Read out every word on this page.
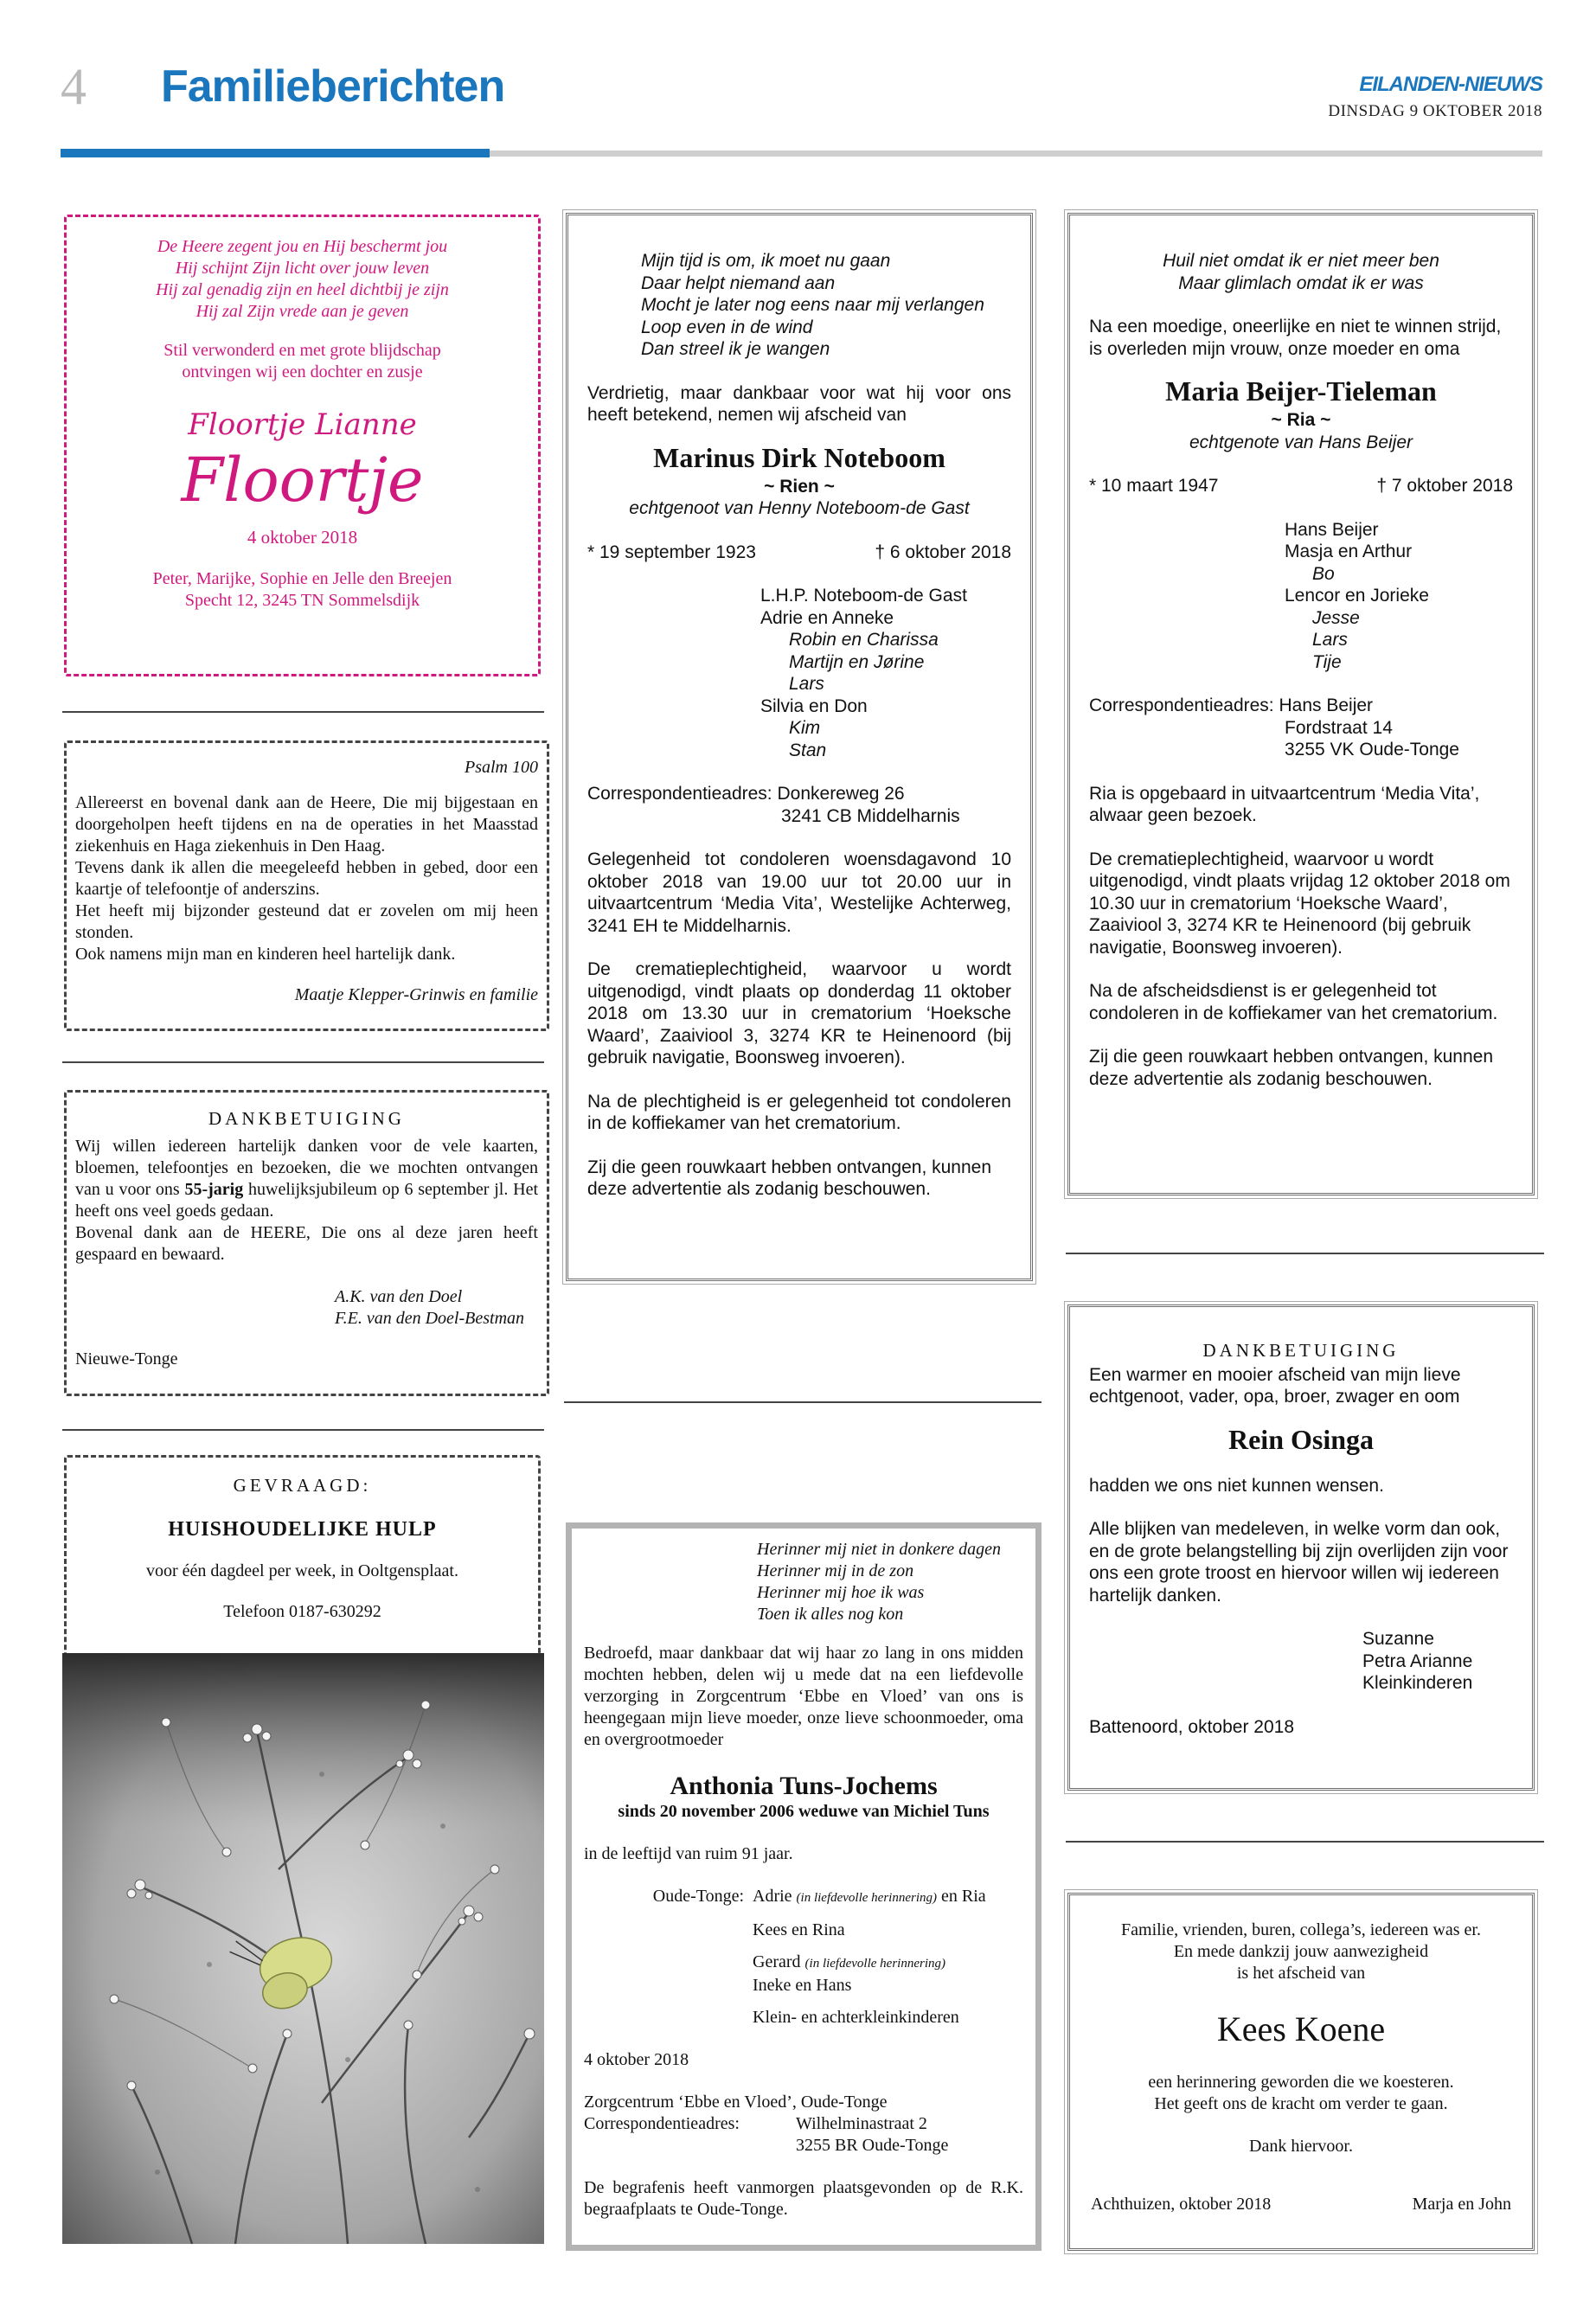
4 Familieberichten	EILANDEN-NIEUWS
DINSDAG 9 OKTOBER 2018
De Heere zegent jou en Hij beschermt jou
Hij schijnt Zijn licht over jouw leven
Hij zal genadig zijn en heel dichtbij je zijn
Hij zal Zijn vrede aan je geven
Stil verwonderd en met grote blijdschap
ontvingen wij een dochter en zusje
Floortje Lianne
Floortje
4 oktober 2018
Peter, Marijke, Sophie en Jelle den Breejen
Specht 12, 3245 TN Sommelsdijk
Psalm 100
Allereerst en bovenal dank aan de Heere, Die mij bijgestaan en doorgeholpen heeft tijdens en na de operaties in het Maasstad ziekenhuis en Haga ziekenhuis in Den Haag.
Tevens dank ik allen die meegeleefd hebben in gebed, door een kaartje of telefoontje of anderszins.
Het heeft mij bijzonder gesteund dat er zovelen om mij heen stonden.
Ook namens mijn man en kinderen heel hartelijk dank.
Maatje Klepper-Grinwis en familie
DANKBETUIGING
Wij willen iedereen hartelijk danken voor de vele kaarten, bloemen, telefoontjes en bezoeken, die we mochten ontvangen van u voor ons 55-jarig huwelijksjubileum op 6 september jl. Het heeft ons veel goeds gedaan.
Bovenal dank aan de HEERE, Die ons al deze jaren heeft gespaard en bewaard.
A.K. van den Doel
F.E. van den Doel-Bestman
Nieuwe-Tonge
GEVRAAGD:
HUISHOUDELIJKE HULP
voor één dagdeel per week, in Ooltgensplaat.
Telefoon 0187-630292
Mijn tijd is om, ik moet nu gaan
Daar helpt niemand aan
Mocht je later nog eens naar mij verlangen
Loop even in de wind
Dan streel ik je wangen
Verdrietig, maar dankbaar voor wat hij voor ons heeft betekend, nemen wij afscheid van
Marinus Dirk Noteboom
~ Rien ~
echtgenoot van Henny Noteboom-de Gast
* 19 september 1923	† 6 oktober 2018
L.H.P. Noteboom-de Gast
Adrie en Anneke
Robin en Charissa
Martijn en Jørine
Lars
Silvia en Don
Kim
Stan
Correspondentieadres: Donkereweg 26
3241 CB Middelharnis
Gelegenheid tot condoleren woensdagavond 10 oktober 2018 van 19.00 uur tot 20.00 uur in uitvaartcentrum ‘Media Vita’, Westelijke Achterweg, 3241 EH te Middelharnis.
De crematieplechtigheid, waarvoor u wordt uitgenodigd, vindt plaats op donderdag 11 oktober 2018 om 13.30 uur in crematorium ‘Hoeksche Waard’, Zaaiviool 3, 3274 KR te Heinenoord (bij gebruik navigatie, Boonsweg invoeren).
Na de plechtigheid is er gelegenheid tot condoleren in de koffiekamer van het crematorium.
Zij die geen rouwkaart hebben ontvangen, kunnen deze advertentie als zodanig beschouwen.
Herinner mij niet in donkere dagen
Herinner mij in de zon
Herinner mij hoe ik was
Toen ik alles nog kon
Bedroefd, maar dankbaar dat wij haar zo lang in ons midden mochten hebben, delen wij u mede dat na een liefdevolle verzorging in Zorgcentrum ‘Ebbe en Vloed’ van ons is heengegaan mijn lieve moeder, onze lieve schoonmoeder, oma en overgrootmoeder
Anthonia Tuns-Jochems
sinds 20 november 2006 weduwe van Michiel Tuns
in de leeftijd van ruim 91 jaar.
Oude-Tonge: Adrie (in liefdevolle herinnering) en Ria
Kees en Rina
Gerard (in liefdevolle herinnering)
Ineke en Hans
Klein- en achterkleinkinderen
4 oktober 2018
Zorgcentrum ‘Ebbe en Vloed’, Oude-Tonge
Correspondentieadres:	Wilhelminastraat 2
3255 BR Oude-Tonge
De begrafenis heeft vanmorgen plaatsgevonden op de R.K. begraafplaats te Oude-Tonge.
Huil niet omdat ik er niet meer ben
Maar glimlach omdat ik er was
Na een moedige, oneerlijke en niet te winnen strijd, is overleden mijn vrouw, onze moeder en oma
Maria Beijer-Tieleman
~ Ria ~
echtgenote van Hans Beijer
* 10 maart 1947	† 7 oktober 2018
Hans Beijer
Masja en Arthur
Bo
Lencor en Jorieke
Jesse
Lars
Tije
Correspondentieadres: Hans Beijer
Fordstraat 14
3255 VK Oude-Tonge
Ria is opgebaard in uitvaartcentrum ‘Media Vita’, alwaar geen bezoek.
De crematieplechtigheid, waarvoor u wordt uitgenodigd, vindt plaats vrijdag 12 oktober 2018 om 10.30 uur in crematorium ‘Hoeksche Waard’, Zaaiviool 3, 3274 KR te Heinenoord (bij gebruik navigatie, Boonsweg invoeren).
Na de afscheidsdienst is er gelegenheid tot condoleren in de koffiekamer van het crematorium.
Zij die geen rouwkaart hebben ontvangen, kunnen deze advertentie als zodanig beschouwen.
DANKBETUIGING
Een warmer en mooier afscheid van mijn lieve echtgenoot, vader, opa, broer, zwager en oom
Rein Osinga
hadden we ons niet kunnen wensen.
Alle blijken van medeleven, in welke vorm dan ook, en de grote belangstelling bij zijn overlijden zijn voor ons een grote troost en hiervoor willen wij iedereen hartelijk danken.
Suzanne
Petra Arianne
Kleinkinderen
Battenoord, oktober 2018
Familie, vrienden, buren, collega’s, iedereen was er.
En mede dankzij jouw aanwezigheid
is het afscheid van
Kees Koene
een herinnering geworden die we koesteren.
Het geeft ons de kracht om verder te gaan.
Dank hiervoor.
Achthuizen, oktober 2018	Marja en John
